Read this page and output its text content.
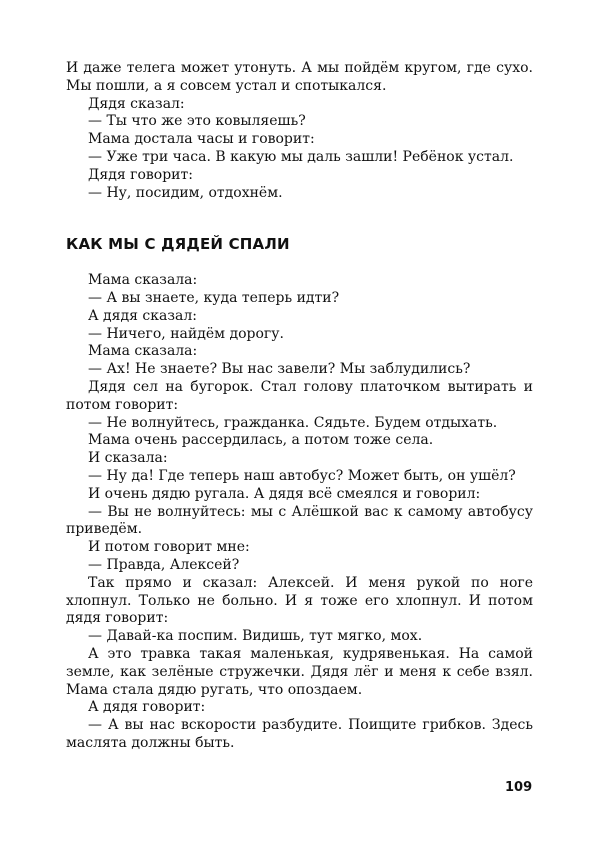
И даже телега может утонуть. А мы пойдём кругом, где сухо. Мы пошли, а я совсем устал и спотыкался.

Дядя сказал:

— Ты что же это ковыляешь?

Мама достала часы и говорит:

— Уже три часа. В какую мы даль зашли! Ребёнок устал.

Дядя говорит:

— Ну, посидим, отдохнём.

КАК МЫ С ДЯДЕЙ СПАЛИ

Мама сказала:

— А вы знаете, куда теперь идти?

А дядя сказал:

— Ничего, найдём дорогу.

Мама сказала:

— Ах! Не знаете? Вы нас завели? Мы заблудились?

Дядя сел на бугорок. Стал голову платочком вытирать и потом говорит:

— Не волнуйтесь, гражданка. Сядьте. Будем отдыхать.

Мама очень рассердилась, а потом тоже села.

И сказала:

— Ну да! Где теперь наш автобус? Может быть, он ушёл?

И очень дядю ругала. А дядя всё смеялся и говорил:

— Вы не волнуйтесь: мы с Алёшкой вас к самому автобусу приведём.

И потом говорит мне:

— Правда, Алексей?

Так прямо и сказал: Алексей. И меня рукой по ноге хлопнул. Только не больно. И я тоже его хлопнул. И потом дядя говорит:

— Давай-ка поспим. Видишь, тут мягко, мох.

А это травка такая маленькая, кудрявенькая. На самой земле, как зелёные стружечки. Дядя лёг и меня к себе взял. Мама стала дядю ругать, что опоздаем.

А дядя говорит:

— А вы нас вскорости разбудите. Поищите грибков. Здесь маслята должны быть.

109
